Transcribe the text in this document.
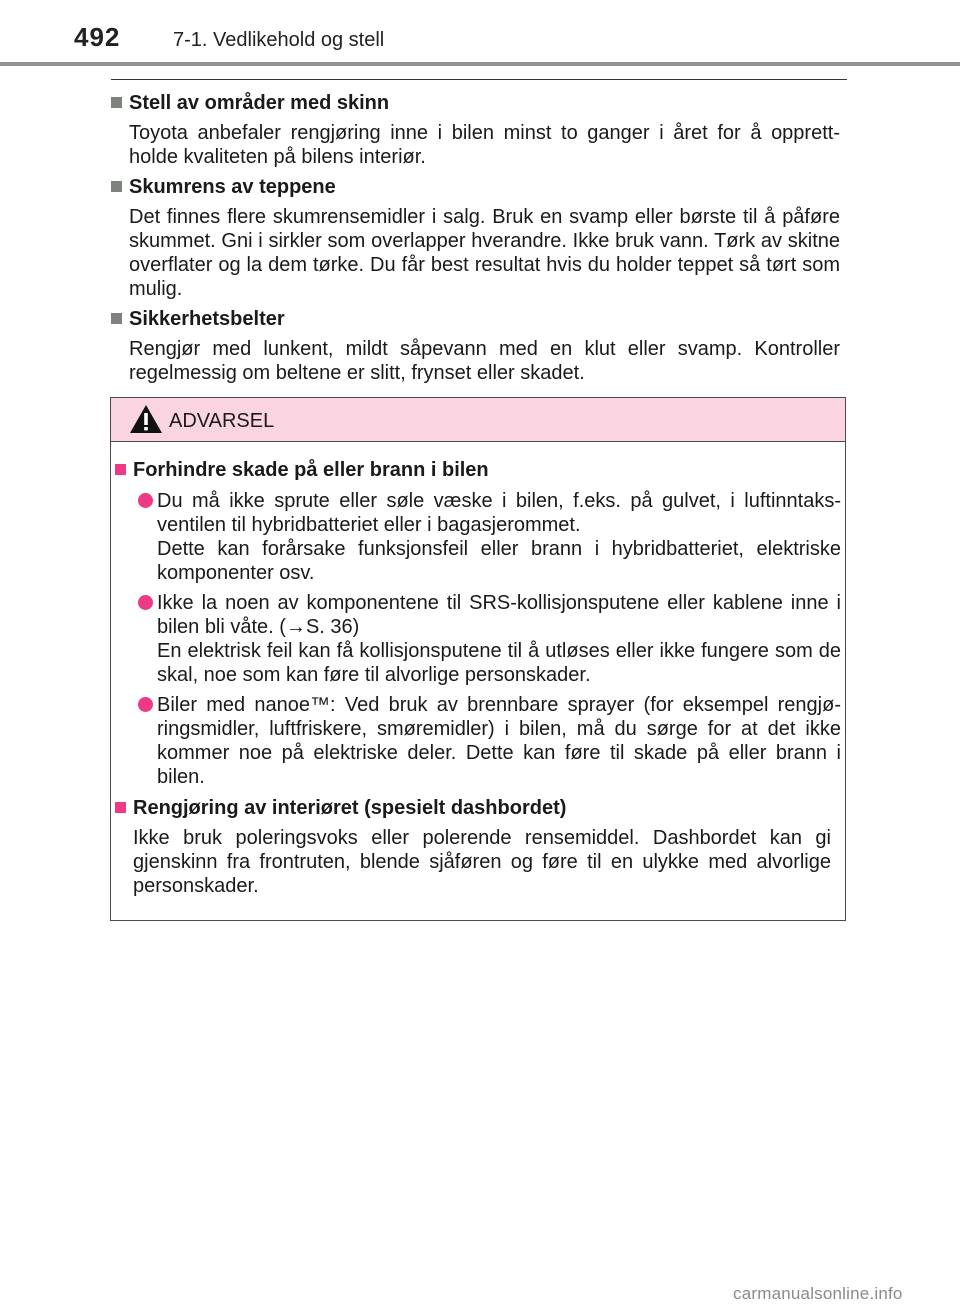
492	7-1. Vedlikehold og stell
Stell av områder med skinn
Toyota anbefaler rengjøring inne i bilen minst to ganger i året for å opprett- holde kvaliteten på bilens interiør.
Skumrens av teppene
Det finnes flere skumrensemidler i salg. Bruk en svamp eller børste til å påføre skummet. Gni i sirkler som overlapper hverandre. Ikke bruk vann. Tørk av skitne overflater og la dem tørke. Du får best resultat hvis du holder teppet så tørt som mulig.
Sikkerhetsbelter
Rengjør med lunkent, mildt såpevann med en klut eller svamp. Kontroller regelmessig om beltene er slitt, frynset eller skadet.
ADVARSEL
Forhindre skade på eller brann i bilen
Du må ikke sprute eller søle væske i bilen, f.eks. på gulvet, i luftinntaks- ventilen til hybridbatteriet eller i bagasjerommet.
Dette kan forårsake funksjonsfeil eller brann i hybridbatteriet, elektriske komponenter osv.
Ikke la noen av komponentene til SRS-kollisjonsputene eller kablene inne i bilen bli våte. (→S. 36)
En elektrisk feil kan få kollisjonsputene til å utløses eller ikke fungere som de skal, noe som kan føre til alvorlige personskader.
Biler med nanoe™: Ved bruk av brennbare sprayer (for eksempel rengjø- ringsmidler, luftfriskere, smøremidler) i bilen, må du sørge for at det ikke kommer noe på elektriske deler. Dette kan føre til skade på eller brann i bilen.
Rengjøring av interiøret (spesielt dashbordet)
Ikke bruk poleringsvoks eller polerende rensemiddel. Dashbordet kan gi gjenskinn fra frontruten, blende sjåføren og føre til en ulykke med alvorlige personskader.
carmanualsonline.info
